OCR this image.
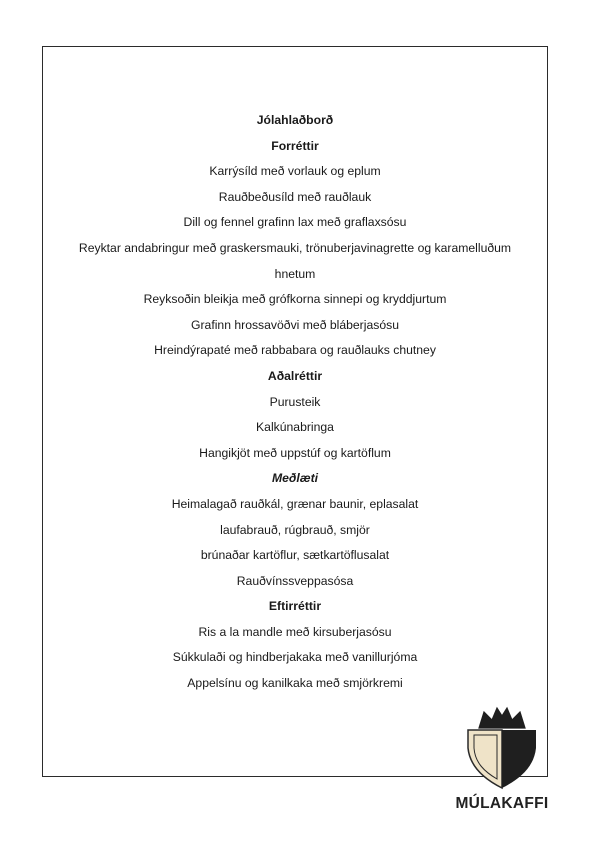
Jólahlaðborð
Forréttir
Karrýsíld með vorlauk og eplum
Rauðbeðusíld með rauðlauk
Dill og fennel grafinn lax með graflaxsósu
Reyktar andabringur með graskersmauki, trönuberjavinagrette og karamelluðum
hnetum
Reyksoðin bleikja með grófkorna sinnepi og kryddjurtum
Grafinn hrossavöðvi með bláberjasósu
Hreindýrapaté með rabbabara og rauðlauks chutney
Aðalréttir
Purusteik
Kalkúnabringa
Hangikjöt með uppstúf og kartöflum
Meðlæti
Heimalagað rauðkál, grænar baunir, eplasalat
laufabrauð, rúgbrauð, smjör
brúnaðar kartöflur, sætkartöflusalat
Rauðvínssveppasósa
Eftirréttir
Ris a la mandle með kirsuberjasósu
Súkkulaði og hindberjakaka með vanillurjóma
Appelsínu og kanilkaka með smjörkremi
MÚLAKAFFI
